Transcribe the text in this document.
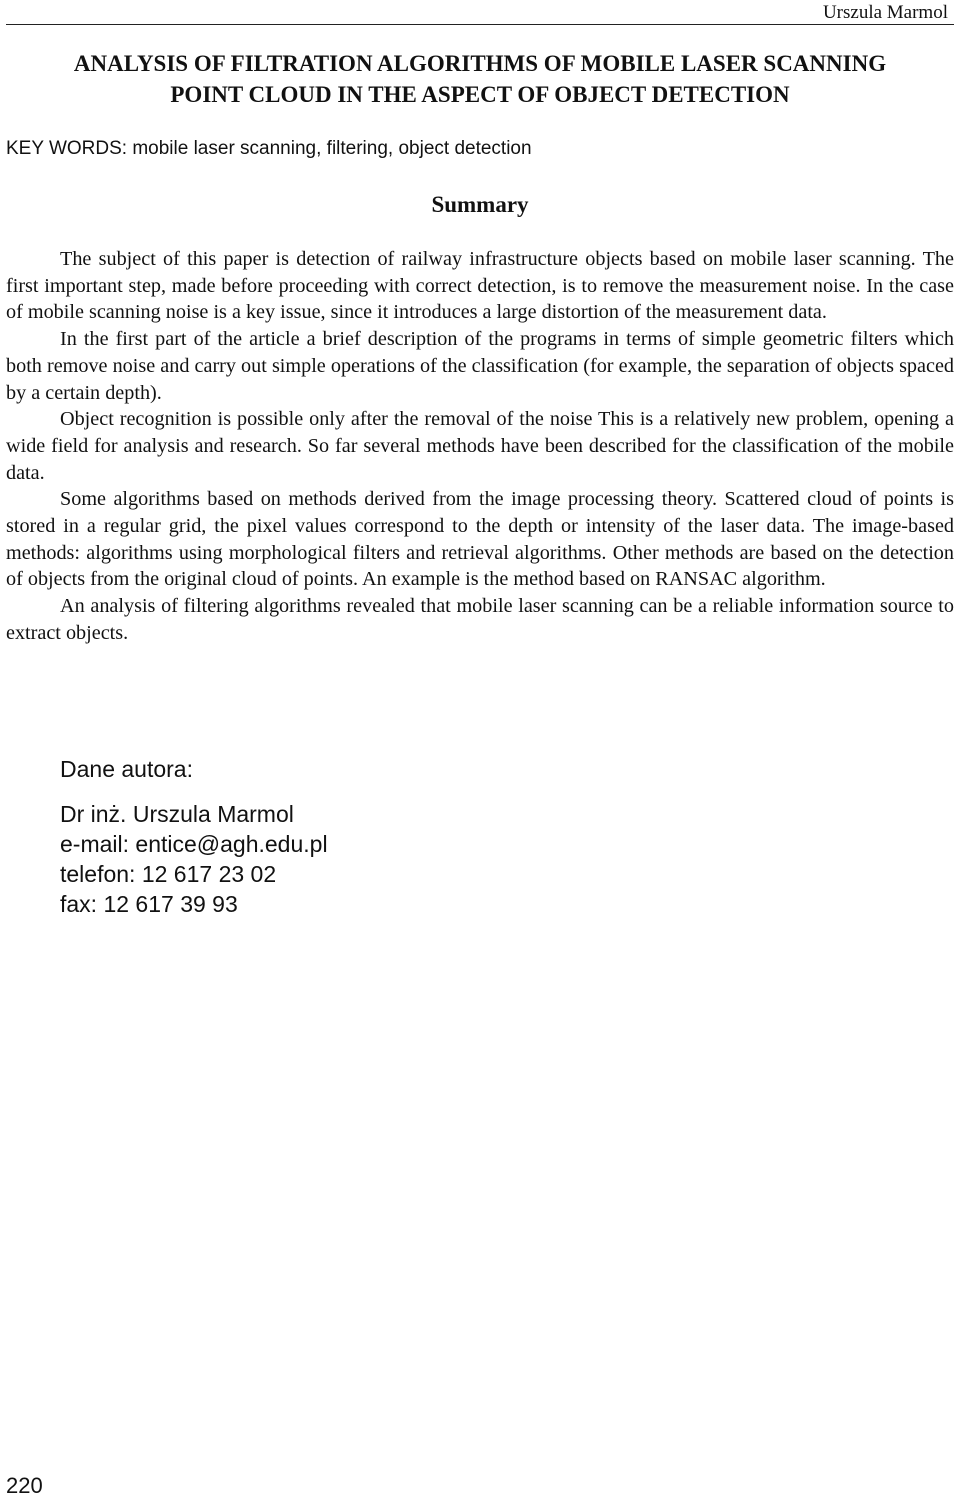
Urszula Marmol
ANALYSIS OF FILTRATION ALGORITHMS OF MOBILE LASER SCANNING
POINT CLOUD IN THE ASPECT OF OBJECT DETECTION
KEY WORDS: mobile laser scanning, filtering, object detection
Summary

The subject of this paper is detection of railway infrastructure objects based on mobile laser scanning. The first important step, made before proceeding with correct detection, is to remove the measurement noise. In the case of mobile scanning noise is a key issue, since it introduces a large distortion of the measurement data.

In the first part of the article a brief description of the programs in terms of simple geometric filters which both remove noise and carry out simple operations of the classification (for example, the separation of objects spaced by a certain depth).

Object recognition is possible only after the removal of the noise This is a relatively new problem, opening a wide field for analysis and research. So far several methods have been described for the classification of the mobile data.

Some algorithms based on methods derived from the image processing theory. Scattered cloud of points is stored in a regular grid, the pixel values correspond to the depth or intensity of the laser data. The image-based methods: algorithms using morphological filters and retrieval algorithms. Other methods are based on the detection of objects from the original cloud of points. An example is the method based on RANSAC algorithm.

An analysis of filtering algorithms revealed that mobile laser scanning can be a reliable information source to extract objects.

Dane autora:
Dr inż. Urszula Marmol
e-mail: entice@agh.edu.pl
telefon: 12 617 23 02
fax: 12 617 39 93
220
